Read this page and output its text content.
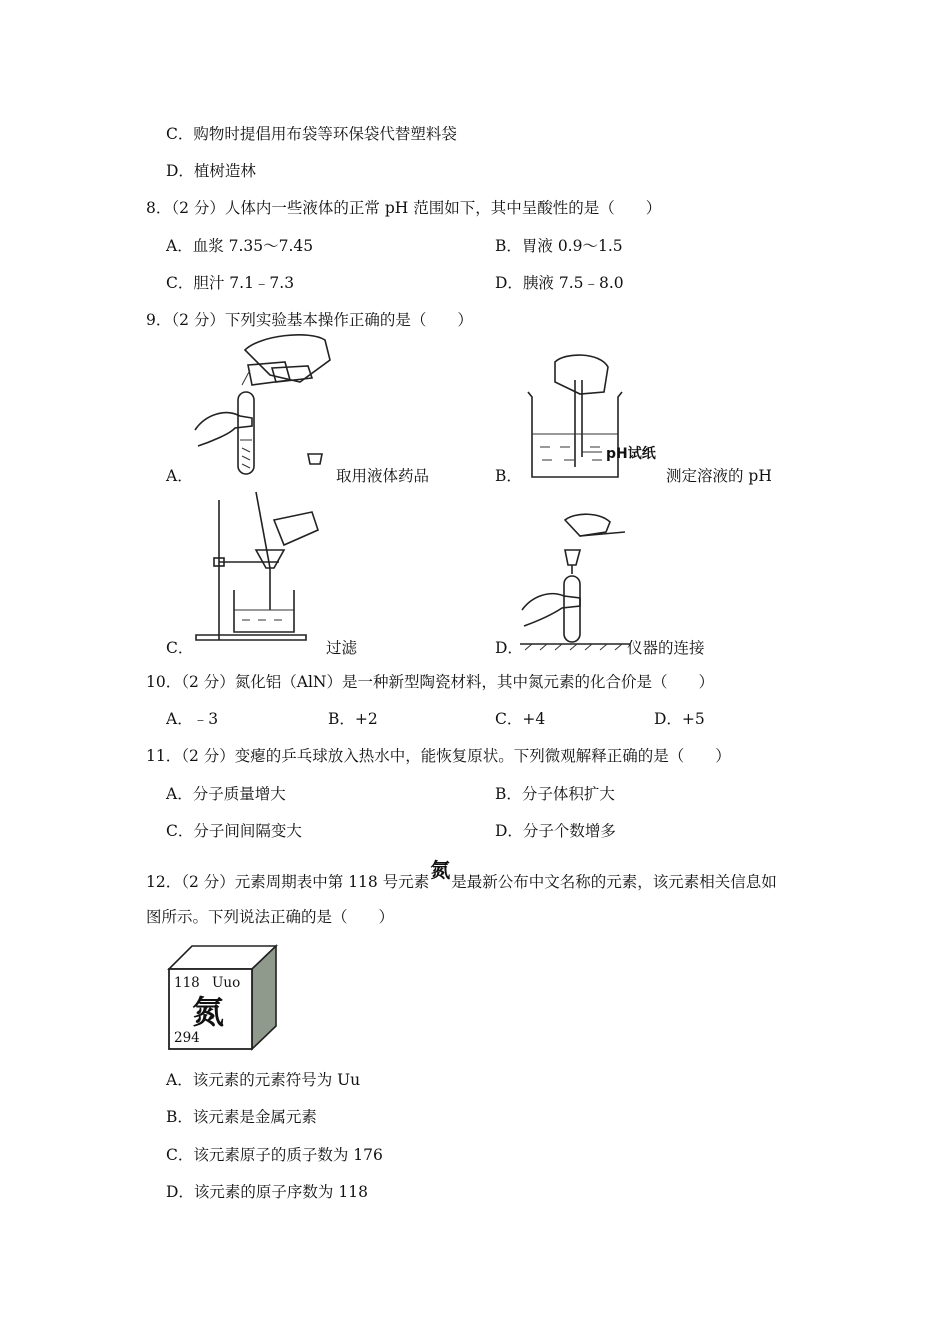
C．购物时提倡用布袋等环保袋代替塑料袋
D．植树造林
8．（2 分）人体内一些液体的正常 pH 范围如下，其中呈酸性的是（　　）
A．血浆 7.35～7.45	B．胃液 0.9～1.5
C．胆汁 7.1﹣7.3	D．胰液 7.5﹣8.0
9．（2 分）下列实验基本操作正确的是（　　）
A．	取用液体药品
pH试纸
B．	测定溶液的 pH
C．	过滤	D．	仪器的连接
10．（2 分）氮化铝（AlN）是一种新型陶瓷材料，其中氮元素的化合价是（　　）
A．﹣3	B．+2	C．+4	D．+5
11．（2 分）变瘪的乒乓球放入热水中，能恢复原状。下列微观解释正确的是（　　）
A．分子质量增大	B．分子体积扩大
C．分子间间隔变大	D．分子个数增多
12．（2 分）元素周期表中第 118 号元素氮是最新公布中文名称的元素，该元素相关信息如
图所示。下列说法正确的是（　　）
118 Uuo
氮
294
A．该元素的元素符号为 Uu
B．该元素是金属元素
C．该元素原子的质子数为 176
D．该元素的原子序数为 118
